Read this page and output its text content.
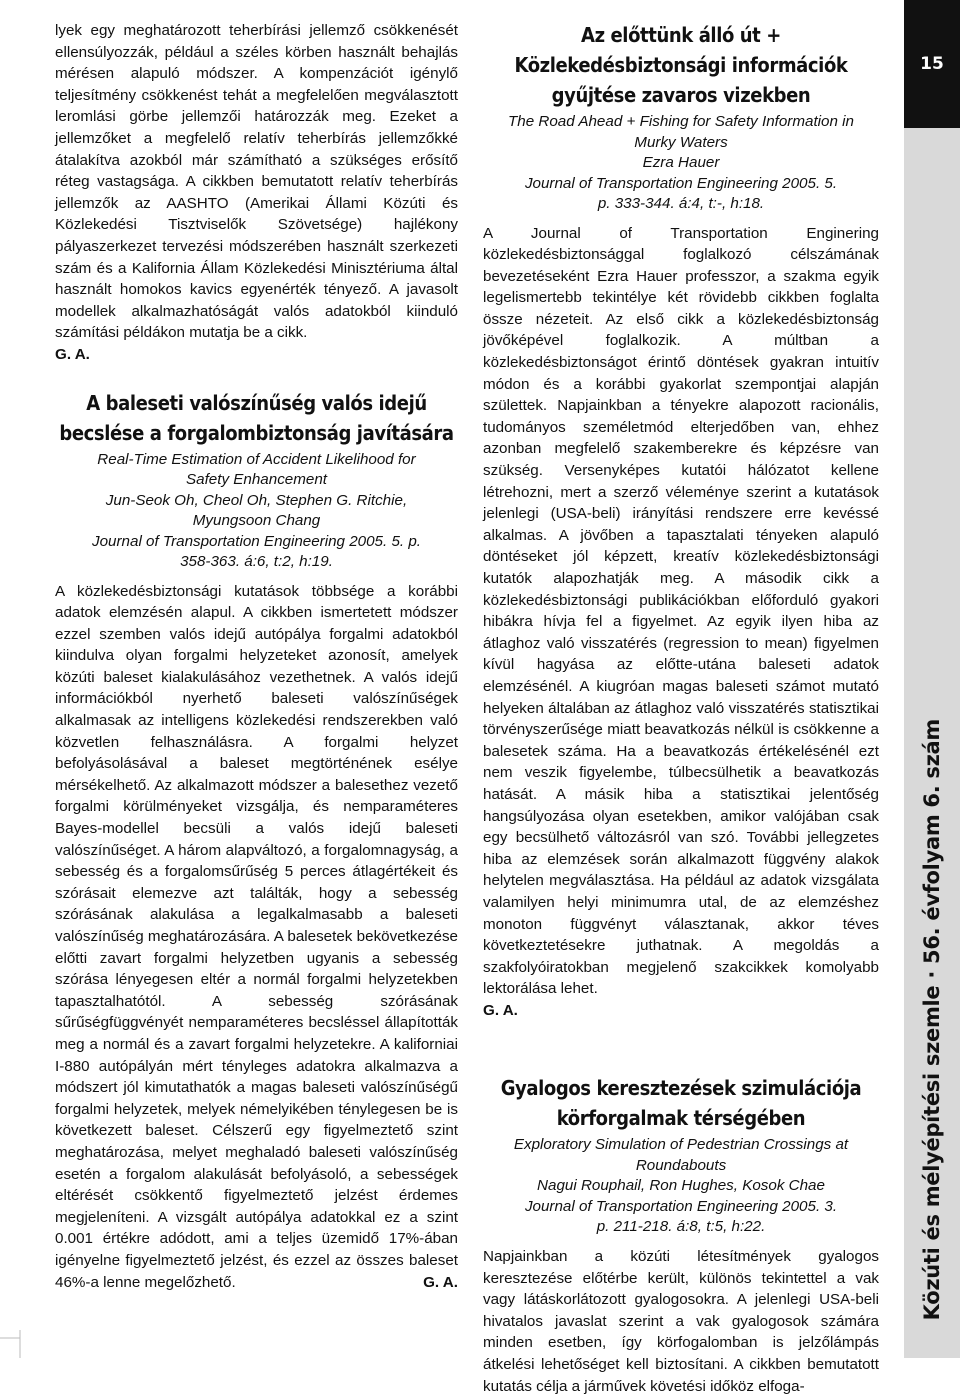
lyek egy meghatározott teherbírási jellemző csökkenését ellensúlyozzák, például a széles körben használt behajlás mérésen alapuló módszer. A kompenzációt igénylő teljesítmény csökkenést tehát a megfelelően megválasztott leromlási görbe jellemzői határozzák meg. Ezeket a jellemzőket a megfelelő relatív teherbírás jellemzőkké átalakítva azokból már számítható a szükséges erősítő réteg vastagsága. A cikkben bemutatott relatív teherbírás jellemzők az AASHTO (Amerikai Állami Közúti és Közlekedési Tisztviselők Szövetsége) hajlékony pályaszerkezet tervezési módszerében használt szerkezeti szám és a Kalifornia Állam Közlekedési Minisztériuma által használt homokos kavics egyenérték tényező. A javasolt modellek alkalmazhatóságát valós adatokból kiinduló számítási példákon mutatja be a cikk.

G. A.

A baleseti valószínűség valós idejű becslése a forgalombiztonság javítására
Real-Time Estimation of Accident Likelihood for
Safety Enhancement
Jun-Seok Oh, Cheol Oh, Stephen G. Ritchie,
Myungsoon Chang
Journal of Transportation Engineering 2005. 5. p.
358-363. á:6, t:2, h:19.

A közlekedésbiztonsági kutatások többsége a korábbi adatok elemzésén alapul. A cikkben ismertetett módszer ezzel szemben valós idejű autópálya forgalmi adatokból kiindulva olyan forgalmi helyzeteket azonosít, amelyek közúti baleset kialakulásához vezethetnek. A valós idejű információkból nyerhető baleseti valószínűségek alkalmasak az intelligens közlekedési rendszerekben való közvetlen felhasználásra. A forgalmi helyzet befolyásolásával a baleset megtörténének esélye mérsékelhető. Az alkalmazott módszer a balesethez vezető forgalmi körülményeket vizsgálja, és nemparaméteres Bayes-modellel becsüli a valós idejű baleseti valószínűséget. A három alapváltozó, a forgalomnagyság, a sebesség és a forgalomsűrűség 5 perces átlagértékeit és szórásait elemezve azt találták, hogy a sebesség szórásának alakulása a legalkalmasabb a baleseti valószínűség meghatározására. A balesetek bekövetkezése előtti zavart forgalmi helyzetben ugyanis a sebesség szórása lényegesen eltér a normál forgalmi helyzetekben tapasztalhatótól. A sebesség szórásának sűrűségfüggvényét nemparaméteres becsléssel állapították meg a normál és a zavart forgalmi helyzetekre. A kaliforniai I-880 autópályán mért tényleges adatokra alkalmazva a módszert jól kimutathatók a magas baleseti valószínűségű forgalmi helyzetek, melyek némelyikében ténylegesen be is következett baleset. Célszerű egy figyelmeztető szint meghatározása, melyet meghaladó baleseti valószínűség esetén a forgalom alakulását befolyásoló, a sebességek eltérését csökkentő figyelmeztető jelzést érdemes megjeleníteni. A vizsgált autópálya adatokkal ez a szint 0.001 értékre adódott, ami a teljes üzemidő 17%-ában igényelne figyelmeztető jelzést, és ezzel az összes baleset 46%-a lenne megelőzhető.	G. A.

Az előttünk álló út + Közlekedésbiztonsági információk gyűjtése zavaros vizekben
The Road Ahead + Fishing for Safety Information in
Murky Waters
Ezra Hauer
Journal of Transportation Engineering 2005. 5.
p. 333-344. á:4, t:-, h:18.

A Journal of Transportation Enginering közlekedésbiztonsággal foglalkozó célszámának bevezetéseként Ezra Hauer professzor, a szakma egyik legelismertebb tekintélye két rövidebb cikkben foglalta össze nézeteit. Az első cikk a közlekedésbiztonság jövőképével foglalkozik. A múltban a közlekedésbiztonságot érintő döntések gyakran intuitív módon és a korábbi gyakorlat szempontjai alapján születtek. Napjainkban a tényekre alapozott racionális, tudományos személetmód elterjedőben van, ehhez azonban megfelelő szakemberekre és képzésre van szükség. Versenyképes kutatói hálózatot kellene létrehozni, mert a szerző véleménye szerint a kutatások jelenlegi (USA-beli) irányítási rendszere erre kevéssé alkalmas. A jövőben a tapasztalati tényeken alapuló döntéseket jól képzett, kreatív közlekedésbiztonsági kutatók alapozhatják meg. A második cikk a közlekedésbiztonsági publikációkban előforduló gyakori hibákra hívja fel a figyelmet. Az egyik ilyen hiba az átlaghoz való visszatérés (regression to mean) figyelmen kívül hagyása az előtte-utána baleseti adatok elemzésénél. A kiugróan magas baleseti számot mutató helyeken általában az átlaghoz való visszatérés statisztikai törvényszerűsége miatt beavatkozás nélkül is csökkenne a balesetek száma. Ha a beavatkozás értékelésénél ezt nem veszik figyelembe, túlbecsülhetik a beavatkozás hatását. A másik hiba a statisztikai jelentőség hangsúlyozása olyan esetekben, amikor valójában csak egy becsülhető változásról van szó. További jellegzetes hiba az elemzések során alkalmazott függvény alakok helytelen megválasztása. Ha például az adatok vizsgálata valamilyen helyi minimumra utal, de az elemzéshez monoton függvényt választanak, akkor téves következtetésekre juthatnak. A megoldás a szakfolyóiratokban megjelenő szakcikkek komolyabb lektorálása lehet.

G. A.

Gyalogos keresztezések szimulációja körforgalmak térségében
Exploratory Simulation of Pedestrian Crossings at
Roundabouts
Nagui Rouphail, Ron Hughes, Kosok Chae
Journal of Transportation Engineering 2005. 3.
p. 211-218. á:8, t:5, h:22.

Napjainkban a közúti létesítmények gyalogos keresztezése előtérbe került, különös tekintettel a vak vagy látáskorlátozott gyalogosokra. A jelenlegi USA-beli hivatalos javaslat szerint a vak gyalogosok számára minden esetben, így körfogalomban is jelzőlámpás átkelési lehetőséget kell biztosítani. A cikkben bemutatott kutatás célja a járművek követési időköz elfoga-

15
Közúti és mélyépítési szemle · 56. évfolyam 6. szám
